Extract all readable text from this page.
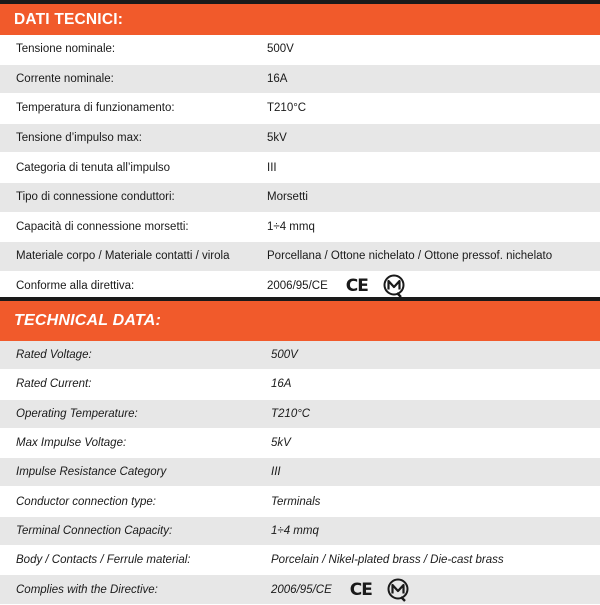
DATI TECNICI:
Tensione nominale:	500V
Corrente nominale:	16A
Temperatura di funzionamento:	T210°C
Tensione d’impulso max:	5kV
Categoria di tenuta all’impulso	III
Tipo di connessione conduttori:	Morsetti
Capacità di connessione morsetti:	1÷4 mmq
Materiale corpo / Materiale contatti / virola	Porcellana / Ottone nichelato / Ottone pressof. nichelato
Conforme alla direttiva:	2006/95/CE CE
TECHNICAL DATA:
Rated Voltage:	500V
Rated Current:	16A
Operating Temperature:	T210°C
Max Impulse Voltage:	5kV
Impulse Resistance Category	III
Conductor connection type:	Terminals
Terminal Connection Capacity:	1÷4 mmq
Body / Contacts / Ferrule material:	Porcelain / Nikel-plated brass / Die-cast brass
Complies with the Directive:	2006/95/CE CE
